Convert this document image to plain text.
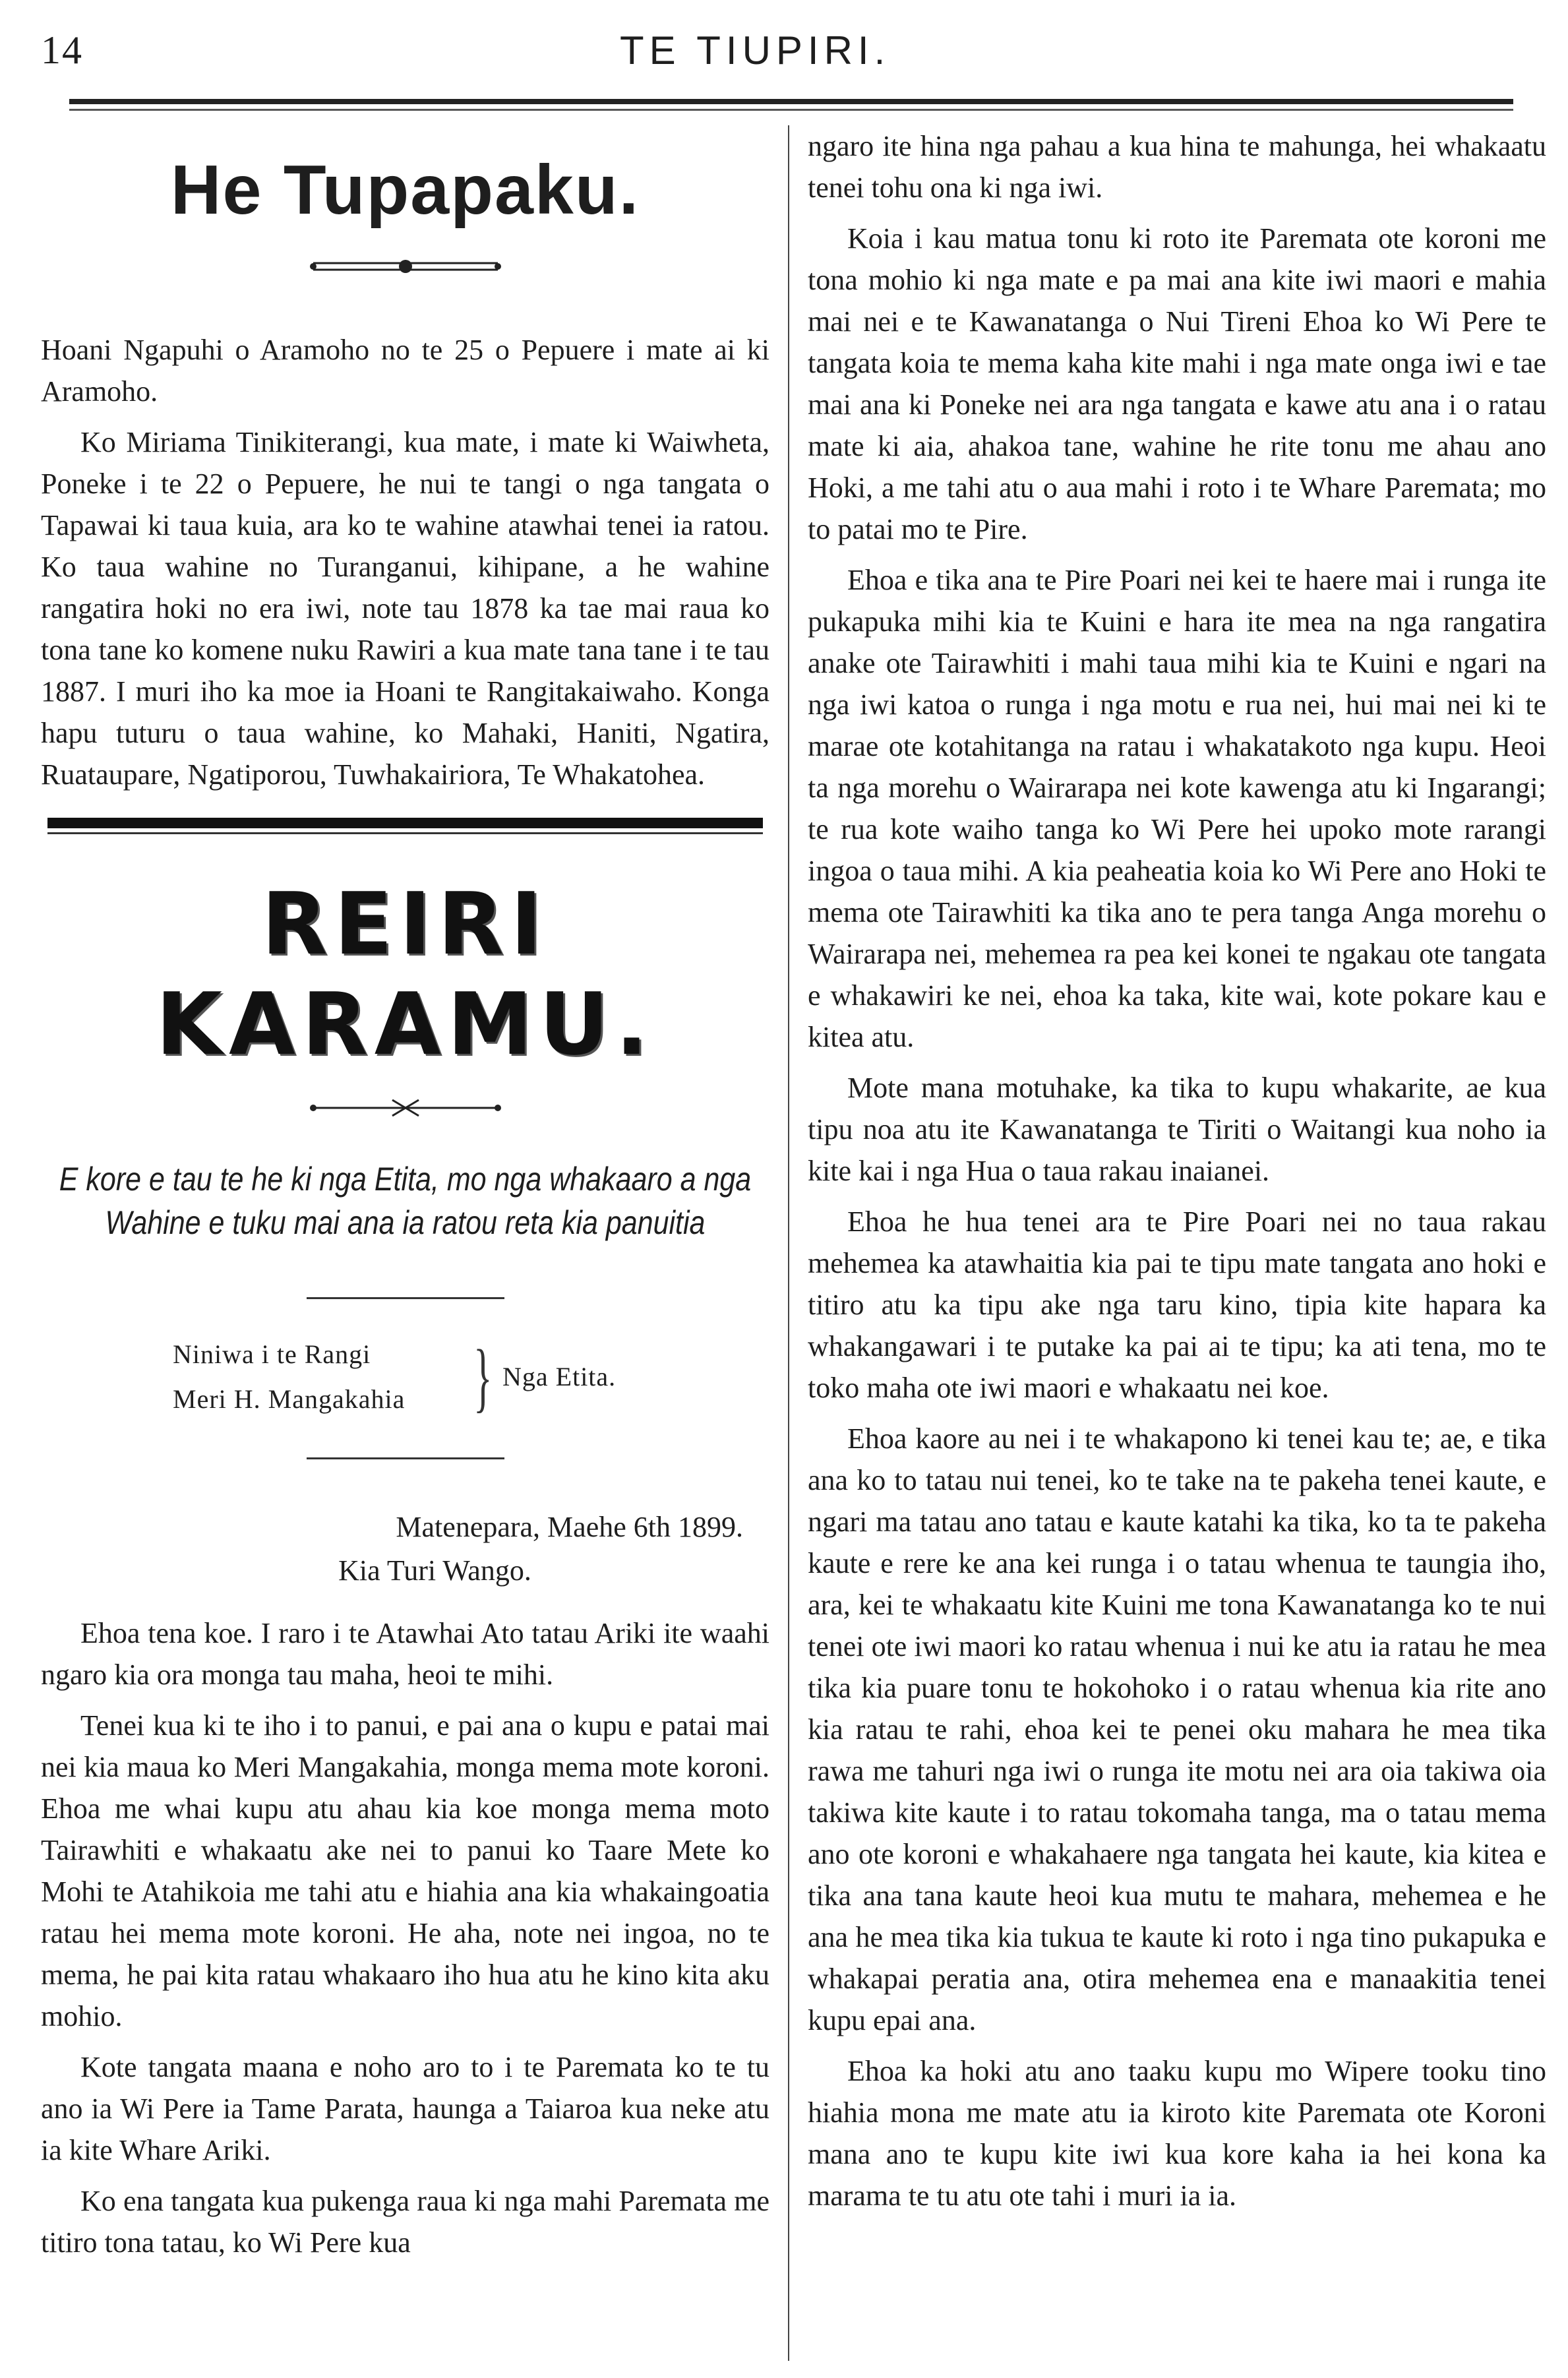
14	TE TIUPIRI.
He Tupapaku.

Hoani Ngapuhi o Aramoho no te 25 o Pepuere i mate ai ki Aramoho.

Ko Miriama Tinikiterangi, kua mate, i mate ki Waiwheta, Poneke i te 22 o Pepuere, he nui te tangi o nga tangata o Tapawai ki taua kuia, ara ko te wahine atawhai tenei ia ratou. Ko taua wahine no Turanganui, kihipane, a he wahine rangatira hoki no era iwi, note tau 1878 ka tae mai raua ko tona tane ko komene nuku Rawiri a kua mate tana tane i te tau 1887. I muri iho ka moe ia Hoani te Rangitakaiwaho. Konga hapu tuturu o taua wahine, ko Mahaki, Haniti, Ngatira, Ruataupare, Ngatiporou, Tuwhakairiora, Te Whakatohea.

REIRI KARAMU.
E kore e tau te he ki nga Etita, mo nga whakaaro a nga Wahine e tuku mai ana ia ratou reta kia panuitia
Niniwa i te Rangi
Meri H. Mangakahia } Nga Etita.
Matenepara, Maehe 6th 1899.
Kia Turi Wango.

Ehoa tena koe. I raro i te Atawhai Ato tatau Ariki ite waahi ngaro kia ora monga tau maha, heoi te mihi.

Tenei kua ki te iho i to panui, e pai ana o kupu e patai mai nei kia maua ko Meri Mangakahia, monga mema mote koroni. Ehoa me whai kupu atu ahau kia koe monga mema moto Tairawhiti e whakaatu ake nei to panui ko Taare Mete ko Mohi te Atahikoia me tahi atu e hiahia ana kia whakaingoatia ratau hei mema mote koroni. He aha, note nei ingoa, no te mema, he pai kita ratau whakaaro iho hua atu he kino kita aku mohio.

Kote tangata maana e noho aro to i te Paremata ko te tu ano ia Wi Pere ia Tame Parata, haunga a Taiaroa kua neke atu ia kite Whare Ariki.

Ko ena tangata kua pukenga raua ki nga mahi Paremata me titiro tona tatau, ko Wi Pere kua

ngaro ite hina nga pahau a kua hina te mahunga, hei whakaatu tenei tohu ona ki nga iwi.

Koia i kau matua tonu ki roto ite Paremata ote koroni me tona mohio ki nga mate e pa mai ana kite iwi maori e mahia mai nei e te Kawanatanga o Nui Tireni Ehoa ko Wi Pere te tangata koia te mema kaha kite mahi i nga mate onga iwi e tae mai ana ki Poneke nei ara nga tangata e kawe atu ana i o ratau mate ki aia, ahakoa tane, wahine he rite tonu me ahau ano Hoki, a me tahi atu o aua mahi i roto i te Whare Paremata; mo to patai mo te Pire.

Ehoa e tika ana te Pire Poari nei kei te haere mai i runga ite pukapuka mihi kia te Kuini e hara ite mea na nga rangatira anake ote Tairawhiti i mahi taua mihi kia te Kuini e ngari na nga iwi katoa o runga i nga motu e rua nei, hui mai nei ki te marae ote kotahitanga na ratau i whakatakoto nga kupu. Heoi ta nga morehu o Wairarapa nei kote kawenga atu ki Ingarangi; te rua kote waiho tanga ko Wi Pere hei upoko mote rarangi ingoa o taua mihi. A kia peaheatia koia ko Wi Pere ano Hoki te mema ote Tairawhiti ka tika ano te pera tanga Anga morehu o Wairarapa nei, mehemea ra pea kei konei te ngakau ote tangata e whakawiri ke nei, ehoa ka taka, kite wai, kote pokare kau e kitea atu.

Mote mana motuhake, ka tika to kupu whakarite, ae kua tipu noa atu ite Kawanatanga te Tiriti o Waitangi kua noho ia kite kai i nga Hua o taua rakau inaianei.

Ehoa he hua tenei ara te Pire Poari nei no taua rakau mehemea ka atawhaitia kia pai te tipu mate tangata ano hoki e titiro atu ka tipu ake nga taru kino, tipia kite hapara ka whakangawari i te putake ka pai ai te tipu; ka ati tena, mo te toko maha ote iwi maori e whakaatu nei koe.

Ehoa kaore au nei i te whakapono ki tenei kau te; ae, e tika ana ko to tatau nui tenei, ko te take na te pakeha tenei kaute, e ngari ma tatau ano tatau e kaute katahi ka tika, ko ta te pakeha kaute e rere ke ana kei runga i o tatau whenua te taungia iho, ara, kei te whakaatu kite Kuini me tona Kawanatanga ko te nui tenei ote iwi maori ko ratau whenua i nui ke atu ia ratau he mea tika kia puare tonu te hokohoko i o ratau whenua kia rite ano kia ratau te rahi, ehoa kei te penei oku mahara he mea tika rawa me tahuri nga iwi o runga ite motu nei ara oia takiwa oia takiwa kite kaute i to ratau tokomaha tanga, ma o tatau mema ano ote koroni e whakahaere nga tangata hei kaute, kia kitea e tika ana tana kaute heoi kua mutu te mahara, mehemea e he ana he mea tika kia tukua te kaute ki roto i nga tino pukapuka e whakapai peratia ana, otira mehemea ena e manaakitia tenei kupu epai ana.

Ehoa ka hoki atu ano taaku kupu mo Wipere tooku tino hiahia mona me mate atu ia kiroto kite Paremata ote Koroni mana ano te kupu kite iwi kua kore kaha ia hei kona ka marama te tu atu ote tahi i muri ia ia.
